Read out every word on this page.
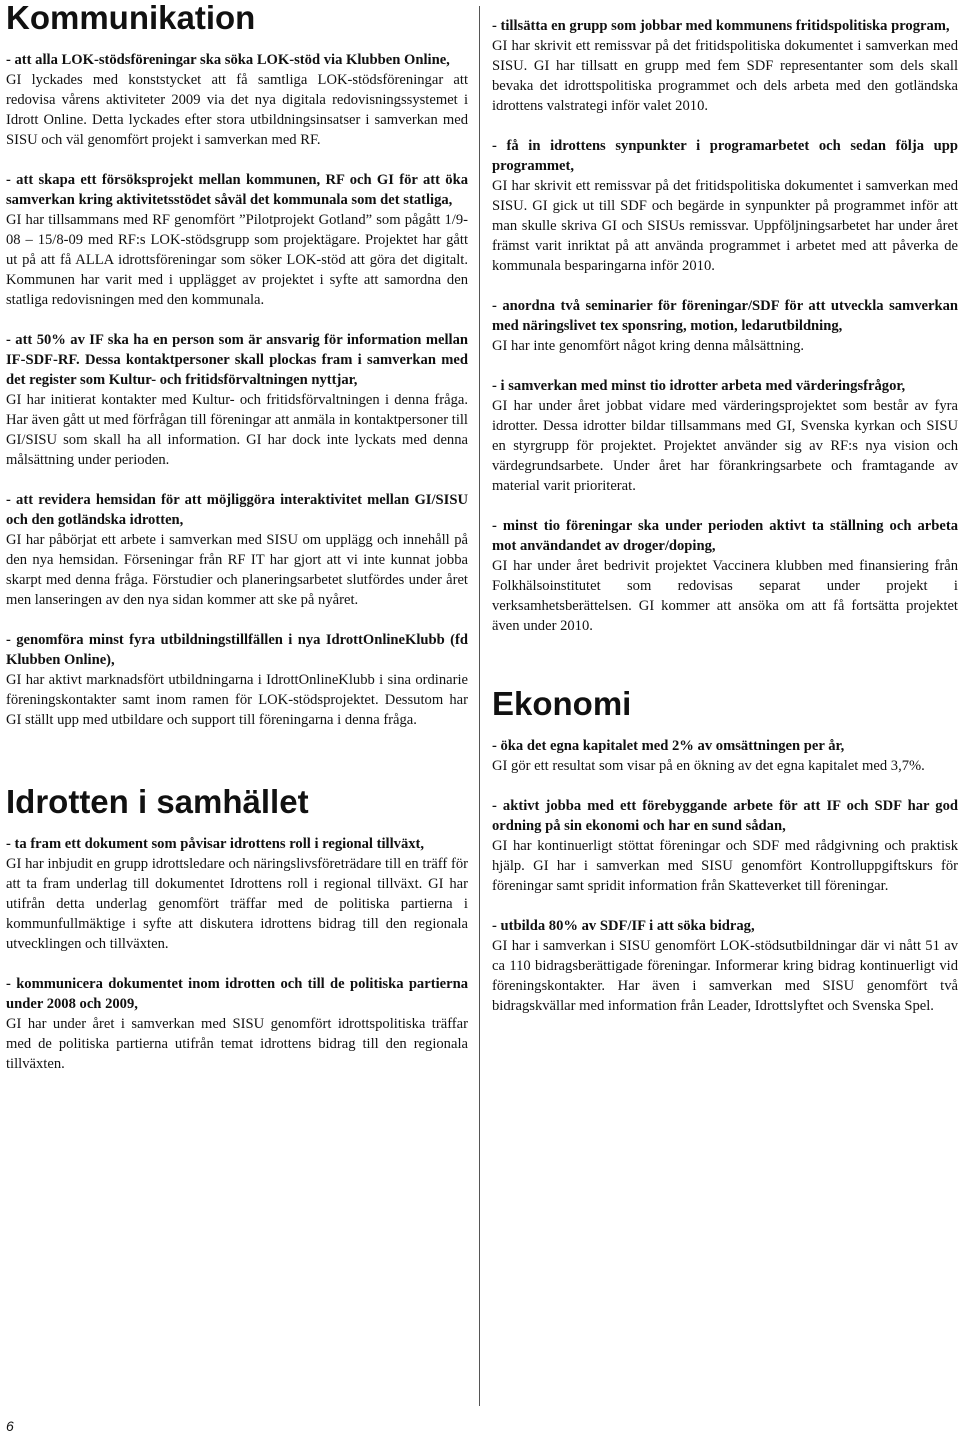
Kommunikation

- att alla LOK-stödsföreningar ska söka LOK-stöd via Klubben Online,
GI lyckades med konststycket att få samtliga LOK-stödsföreningar att redovisa vårens aktiviteter 2009 via det nya digitala redovisningssystemet i Idrott Online. Detta lyckades efter stora utbildningsinsatser i samverkan med SISU och väl genomfört projekt i samverkan med RF.

- att skapa ett försöksprojekt mellan kommunen, RF och GI för att öka samverkan kring aktivitetsstödet såväl det kommunala som det statliga,
GI har tillsammans med RF genomfört ”Pilotprojekt Gotland” som pågått 1/9-08 – 15/8-09 med RF:s LOK-stödsgrupp som projektägare. Projektet har gått ut på att få ALLA idrottsföreningar som söker LOK-stöd att göra det digitalt. Kommunen har varit med i upplägget av projektet i syfte att samordna den statliga redovisningen med den kommunala.

- att 50% av IF ska ha en person som är ansvarig för information mellan IF-SDF-RF. Dessa kontaktpersoner skall plockas fram i samverkan med det register som Kultur- och fritidsförvaltningen nyttjar,
GI har initierat kontakter med Kultur- och fritidsförvaltningen i denna fråga. Har även gått ut med förfrågan till föreningar att anmäla in kontaktpersoner till GI/SISU som skall ha all information. GI har dock inte lyckats med denna målsättning under perioden.

- att revidera hemsidan för att möjliggöra interaktivitet mellan GI/SISU och den gotländska idrotten,
GI har påbörjat ett arbete i samverkan med SISU om upplägg och innehåll på den nya hemsidan. Förseningar från RF IT har gjort att vi inte kunnat jobba skarpt med denna fråga. Förstudier och planeringsarbetet slutfördes under året men lanseringen av den nya sidan kommer att ske på nyåret.

- genomföra minst fyra utbildningstillfällen i nya IdrottOnlineKlubb (fd Klubben Online),
GI har aktivt marknadsfört utbildningarna i IdrottOnlineKlubb i sina ordinarie föreningskontakter samt inom ramen för LOK-stödsprojektet. Dessutom har GI ställt upp med utbildare och support till föreningarna i denna fråga.

Idrotten i samhället

- ta fram ett dokument som påvisar idrottens roll i regional tillväxt,
GI har inbjudit en grupp idrottsledare och näringslivsföreträdare till en träff för att ta fram underlag till dokumentet Idrottens roll i regional tillväxt. GI har utifrån detta underlag genomfört träffar med de politiska partierna i kommunfullmäktige i syfte att diskutera idrottens bidrag till den regionala utvecklingen och tillväxten.

- kommunicera dokumentet inom idrotten och till de politiska partierna under 2008 och 2009,
GI har under året i samverkan med SISU genomfört idrottspolitiska träffar med de politiska partierna utifrån temat idrottens bidrag till den regionala tillväxten.

- tillsätta en grupp som jobbar med kommunens fritidspolitiska program,
GI har skrivit ett remissvar på det fritidspolitiska dokumentet i samverkan med SISU. GI har tillsatt en grupp med fem SDF representanter som dels skall bevaka det idrottspolitiska programmet och dels arbeta med den gotländska idrottens valstrategi inför valet 2010.

- få in idrottens synpunkter i programarbetet och sedan följa upp programmet,
GI har skrivit ett remissvar på det fritidspolitiska dokumentet i samverkan med SISU. GI gick ut till SDF och begärde in synpunkter på programmet inför att man skulle skriva GI och SISUs remissvar. Uppföljningsarbetet har under året främst varit inriktat på att använda programmet i arbetet med att påverka de kommunala besparingarna inför 2010.

- anordna två seminarier för föreningar/SDF för att utveckla samverkan med näringslivet tex sponsring, motion, ledarutbildning,
GI har inte genomfört något kring denna målsättning.

- i samverkan med minst tio idrotter arbeta med värderingsfrågor,
GI har under året jobbat vidare med värderingsprojektet som består av fyra idrotter. Dessa idrotter bildar tillsammans med GI, Svenska kyrkan och SISU en styrgrupp för projektet. Projektet använder sig av RF:s nya vision och värdegrundsarbete. Under året har förankringsarbete och framtagande av material varit prioriterat.

- minst tio föreningar ska under perioden aktivt ta ställning och arbeta mot användandet av droger/doping,
GI har under året bedrivit projektet Vaccinera klubben med finansiering från Folkhälsoinstitutet som redovisas separat under projekt i verksamhetsberättelsen. GI kommer att ansöka om att få fortsätta projektet även under 2010.

Ekonomi

- öka det egna kapitalet med 2% av omsättningen per år,
GI gör ett resultat som visar på en ökning av det egna kapitalet med 3,7%.

- aktivt jobba med ett förebyggande arbete för att IF och SDF har god ordning på sin ekonomi och har en sund sådan,
GI har kontinuerligt stöttat föreningar och SDF med rådgivning och praktisk hjälp. GI har i samverkan med SISU genomfört Kontrolluppgiftskurs för föreningar samt spridit information från Skatteverket till föreningar.

- utbilda 80% av SDF/IF i att söka bidrag,
GI har i samverkan i SISU genomfört LOK-stödsutbildningar där vi nått 51 av ca 110 bidragsberättigade föreningar. Informerar kring bidrag kontinuerligt vid föreningskontakter. Har även i samverkan med SISU genomfört två bidragskvällar med information från Leader, Idrottslyftet och Svenska Spel.

6
